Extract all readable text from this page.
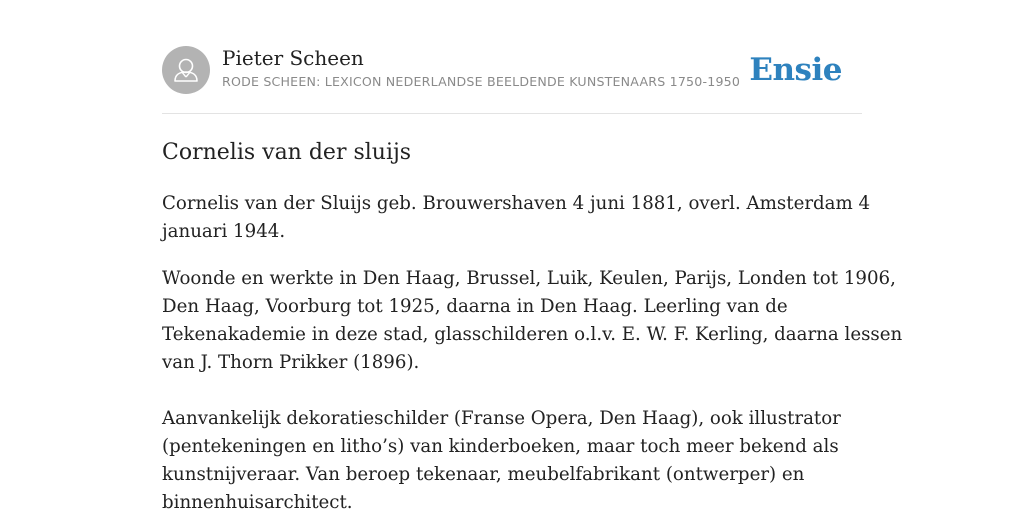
Pieter Scheen
RODE SCHEEN: LEXICON NEDERLANDSE BEELDENDE KUNSTENAARS 1750-1950 Ensie
Cornelis van der sluijs

Cornelis van der Sluijs geb. Brouwershaven 4 juni 1881, overl. Amsterdam 4
januari 1944.

Woonde en werkte in Den Haag, Brussel, Luik, Keulen, Parijs, Londen tot 1906,
Den Haag, Voorburg tot 1925, daarna in Den Haag. Leerling van de
Tekenakademie in deze stad, glasschilderen o.l.v. E. W. F. Kerling, daarna lessen
van J. Thorn Prikker (1896).

Aanvankelijk dekoratieschilder (Franse Opera, Den Haag), ook illustrator
(pentekeningen en litho’s) van kinderboeken, maar toch meer bekend als
kunstnijveraar. Van beroep tekenaar, meubelfabrikant (ontwerper) en
binnenhuisarchitect.
